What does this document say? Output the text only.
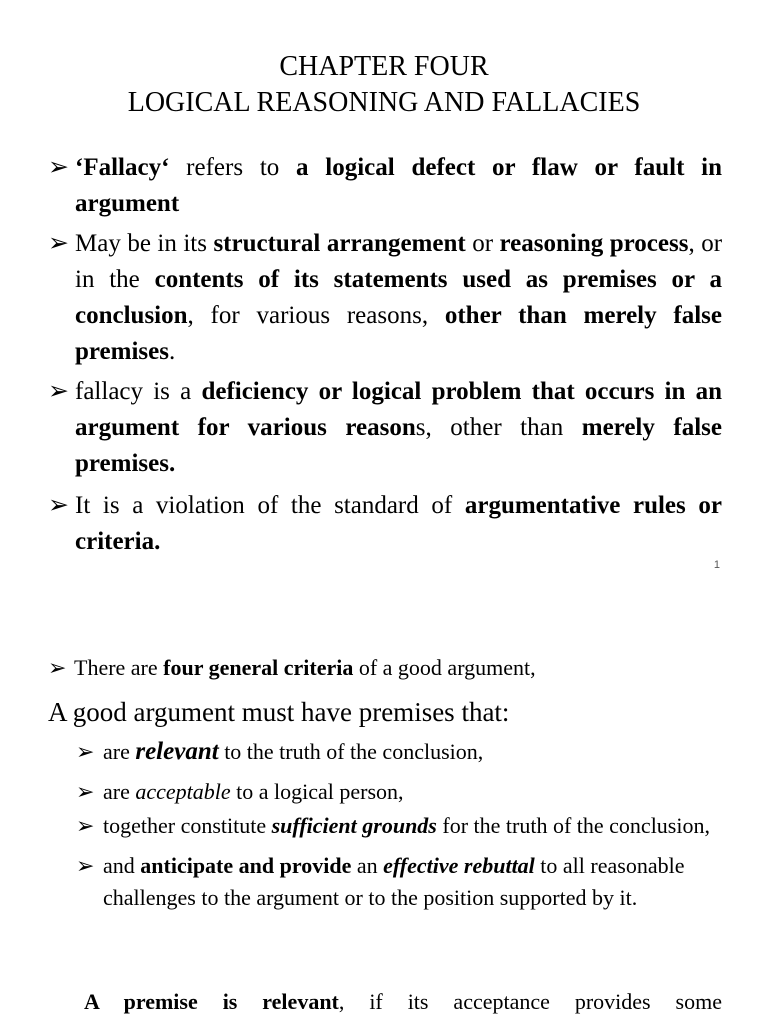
CHAPTER FOUR
LOGICAL REASONING AND FALLACIES
➢ ‘Fallacy‘ refers to a logical defect or flaw or fault in argument
➢ May be in its structural arrangement or reasoning process, or in the contents of its statements used as premises or a conclusion, for various reasons, other than merely false premises.
➢ fallacy is a deficiency or logical problem that occurs in an argument for various reasons, other than merely false premises.
➢ It is a violation of the standard of argumentative rules or criteria.
1
➢ There are four general criteria of a good argument,
A good argument must have premises that:
➢ are relevant to the truth of the conclusion,
➢ are acceptable to a logical person,
➢ together constitute sufficient grounds for the truth of the conclusion,
➢ and anticipate and provide an effective rebuttal to all reasonable challenges to the argument or to the position supported by it.
A premise is relevant, if its acceptance provides some
